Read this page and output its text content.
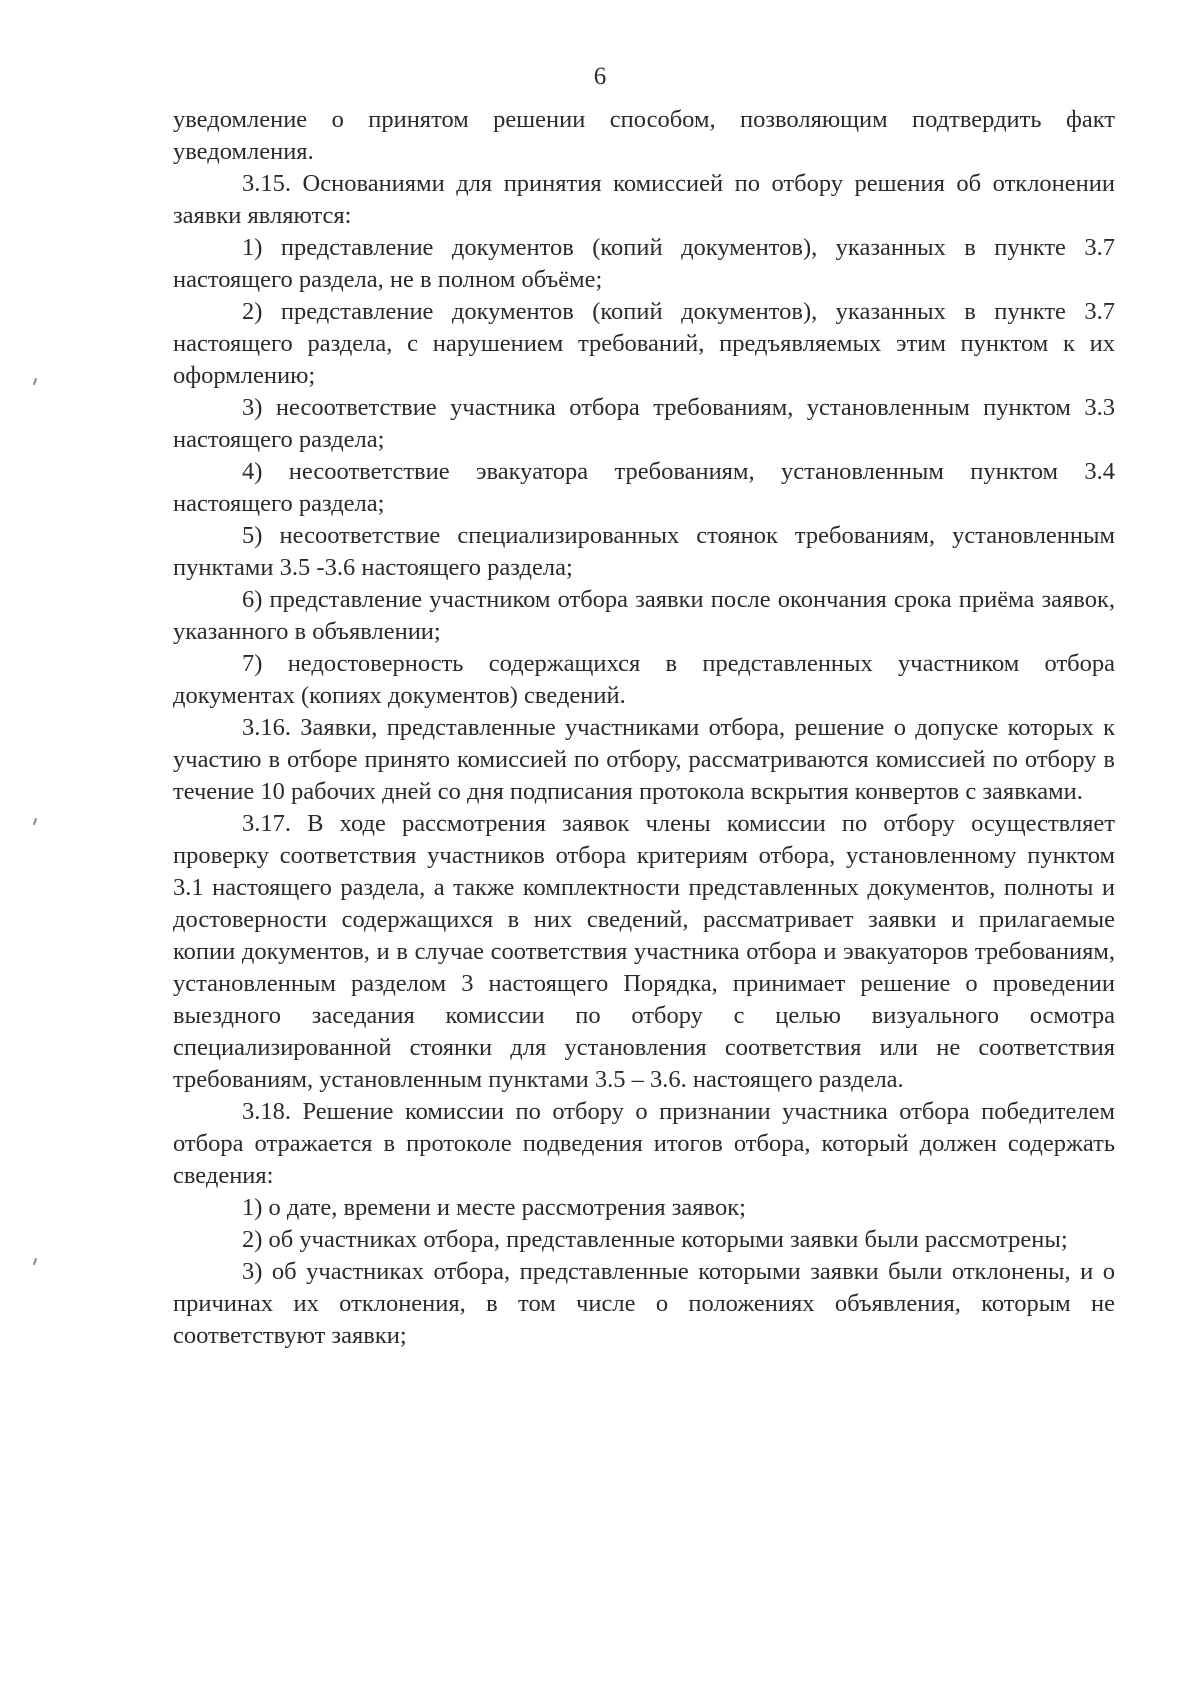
6

уведомление о принятом решении способом, позволяющим подтвердить факт уведомления.

3.15. Основаниями для принятия комиссией по отбору решения об отклонении заявки являются:

1) представление документов (копий документов), указанных в пункте 3.7 настоящего раздела, не в полном объёме;

2) представление документов (копий документов), указанных в пункте 3.7 настоящего раздела, с нарушением требований, предъявляемых этим пунктом к их оформлению;

3) несоответствие участника отбора требованиям, установленным пунктом 3.3 настоящего раздела;

4) несоответствие эвакуатора требованиям, установленным пунктом 3.4 настоящего раздела;

5) несоответствие специализированных стоянок требованиям, установленным пунктами 3.5 -3.6 настоящего раздела;

6) представление участником отбора заявки после окончания срока приёма заявок, указанного в объявлении;

7) недостоверность содержащихся в представленных участником отбора документах (копиях документов) сведений.

3.16. Заявки, представленные участниками отбора, решение о допуске которых к участию в отборе принято комиссией по отбору, рассматриваются комиссией по отбору в течение 10 рабочих дней со дня подписания протокола вскрытия конвертов с заявками.

3.17. В ходе рассмотрения заявок члены комиссии по отбору осуществляет проверку соответствия участников отбора критериям отбора, установленному пунктом 3.1 настоящего раздела, а также комплектности представленных документов, полноты и достоверности содержащихся в них сведений, рассматривает заявки и прилагаемые копии документов, и в случае соответствия участника отбора и эвакуаторов требованиям, установленным разделом 3 настоящего Порядка, принимает решение о проведении выездного заседания комиссии по отбору с целью визуального осмотра специализированной стоянки для установления соответствия или не соответствия требованиям, установленным пунктами 3.5 – 3.6. настоящего раздела.

3.18. Решение комиссии по отбору о признании участника отбора победителем отбора отражается в протоколе подведения итогов отбора, который должен содержать сведения:

1) о дате, времени и месте рассмотрения заявок;

2) об участниках отбора, представленные которыми заявки были рассмотрены;

3) об участниках отбора, представленные которыми заявки были отклонены, и о причинах их отклонения, в том числе о положениях объявления, которым не соответствуют заявки;
